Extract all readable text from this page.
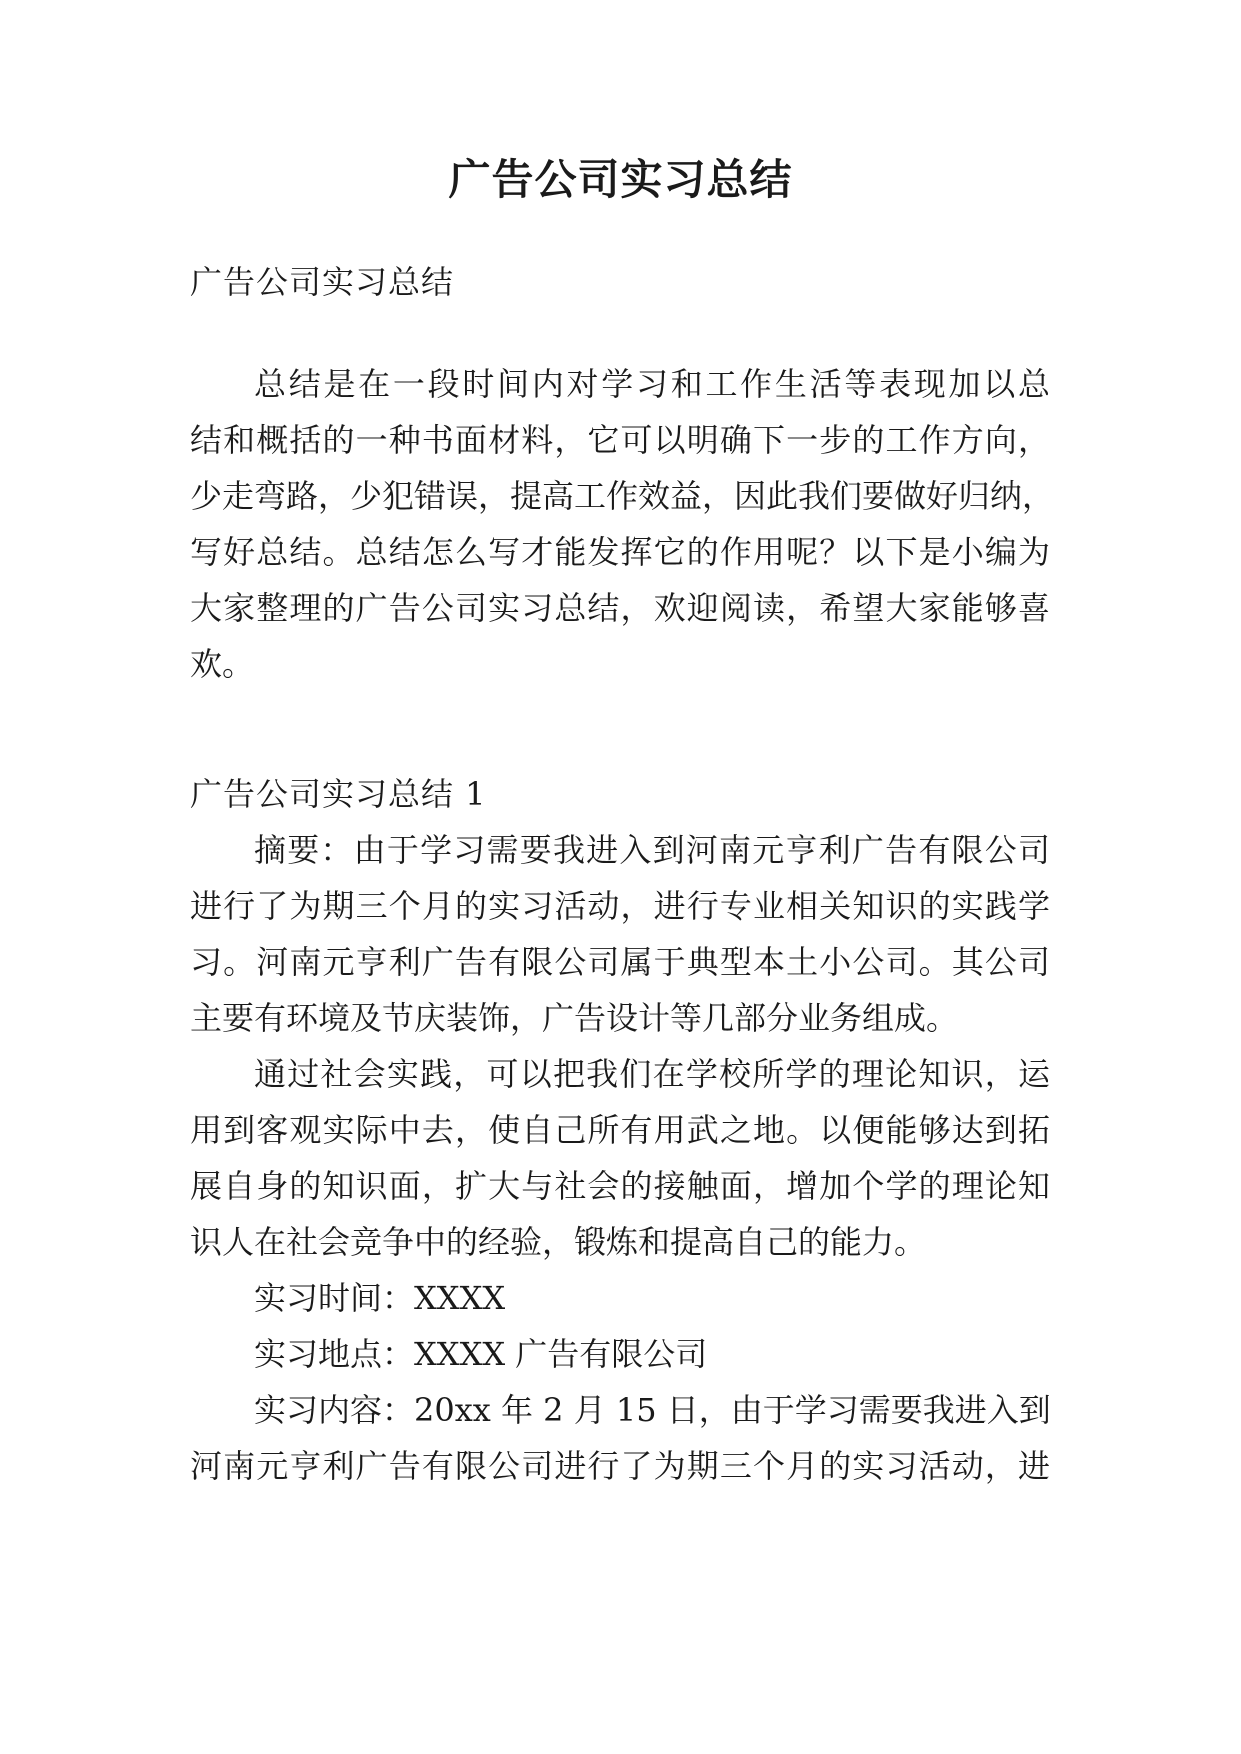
广告公司实习总结
广告公司实习总结
总结是在一段时间内对学习和工作生活等表现加以总
结和概括的一种书面材料，它可以明确下一步的工作方向，
少走弯路，少犯错误，提高工作效益，因此我们要做好归纳，
写好总结。总结怎么写才能发挥它的作用呢？以下是小编为
大家整理的广告公司实习总结，欢迎阅读，希望大家能够喜
欢。
广告公司实习总结 1
摘要：由于学习需要我进入到河南元亨利广告有限公司
进行了为期三个月的实习活动，进行专业相关知识的实践学
习。河南元亨利广告有限公司属于典型本土小公司。其公司
主要有环境及节庆装饰，广告设计等几部分业务组成。
通过社会实践，可以把我们在学校所学的理论知识，运
用到客观实际中去，使自己所有用武之地。以便能够达到拓
展自身的知识面，扩大与社会的接触面，增加个学的理论知
识人在社会竞争中的经验，锻炼和提高自己的能力。
实习时间：XXXX
实习地点：XXXX 广告有限公司
实习内容：20xx 年 2 月 15 日，由于学习需要我进入到
河南元亨利广告有限公司进行了为期三个月的实习活动，进
